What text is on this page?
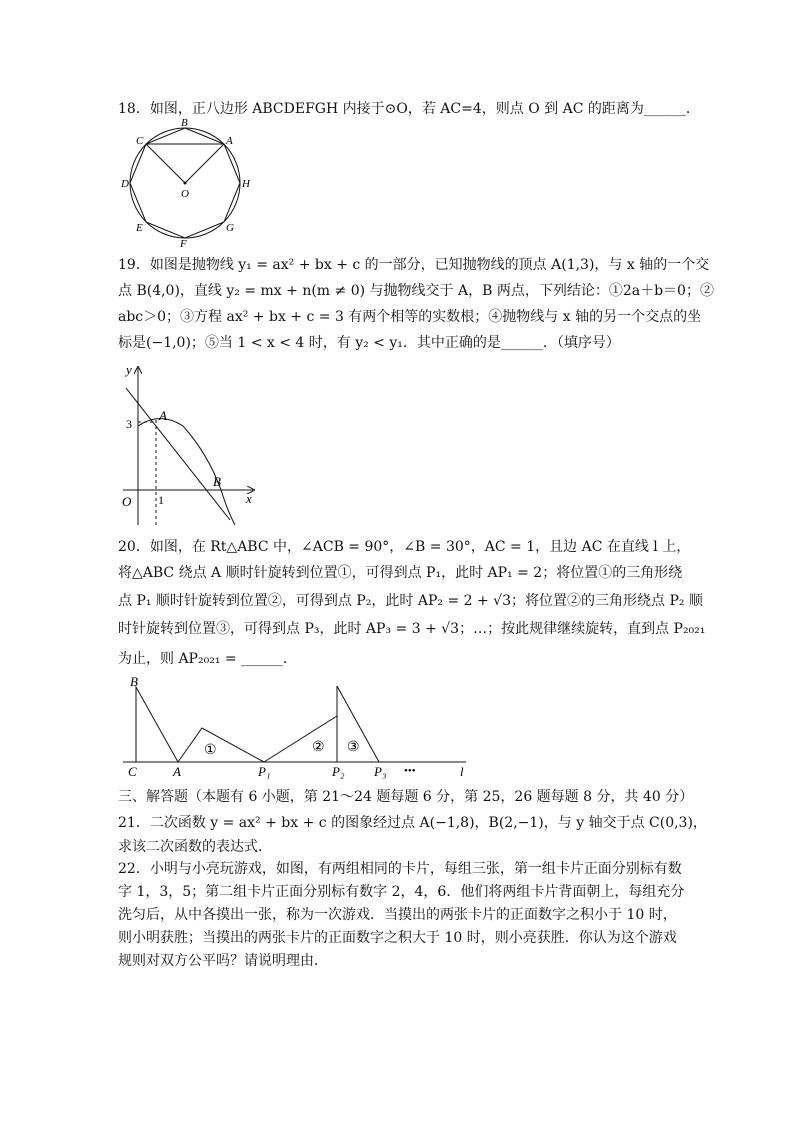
18．如图，正八边形 ABCDEFGH 内接于⊙O，若 AC=4，则点 O 到 AC 的距离为______．
B
A
C
D	H
E	G
F
O
19．如图是抛物线 y₁ = ax² + bx + c 的一部分，已知抛物线的顶点 A(1,3)，与 x 轴的一个交
点 B(4,0)，直线 y₂ = mx + n(m ≠ 0) 与抛物线交于 A，B 两点，下列结论：①2a＋b＝0；②
abc＞0；③方程 ax² + bx + c = 3 有两个相等的实数根；④抛物线与 x 轴的另一个交点的坐
标是(−1,0)；⑤当 1 < x < 4 时，有 y₂ < y₁．其中正确的是______．（填序号）
y
x
O 1
3
A
B
20．如图，在 Rt△ABC 中，∠ACB = 90°，∠B = 30°，AC = 1，且边 AC 在直线 l 上，
将△ABC 绕点 A 顺时针旋转到位置①，可得到点 P₁，此时 AP₁ = 2；将位置①的三角形绕
点 P₁ 顺时针旋转到位置②，可得到点 P₂，此时 AP₂ = 2 + √3；将位置②的三角形绕点 P₂ 顺
时针旋转到位置③，可得到点 P₃，此时 AP₃ = 3 + √3；…；按此规律继续旋转，直到点 P₂₀₂₁
为止，则 AP₂₀₂₁ = ______．
B
C	A	P₁	P₂ P₃ •••	l
①	② ③
三、解答题（本题有 6 小题，第 21～24 题每题 6 分，第 25，26 题每题 8 分，共 40 分）
21．二次函数 y = ax² + bx + c 的图象经过点 A(−1,8)，B(2,−1)，与 y 轴交于点 C(0,3)，
求该二次函数的表达式．
22．小明与小亮玩游戏，如图，有两组相同的卡片，每组三张，第一组卡片正面分别标有数
字 1，3，5；第二组卡片正面分别标有数字 2，4，6．他们将两组卡片背面朝上，每组充分
洗匀后，从中各摸出一张，称为一次游戏．当摸出的两张卡片的正面数字之积小于 10 时，
则小明获胜；当摸出的两张卡片的正面数字之积大于 10 时，则小亮获胜．你认为这个游戏
规则对双方公平吗？请说明理由．
